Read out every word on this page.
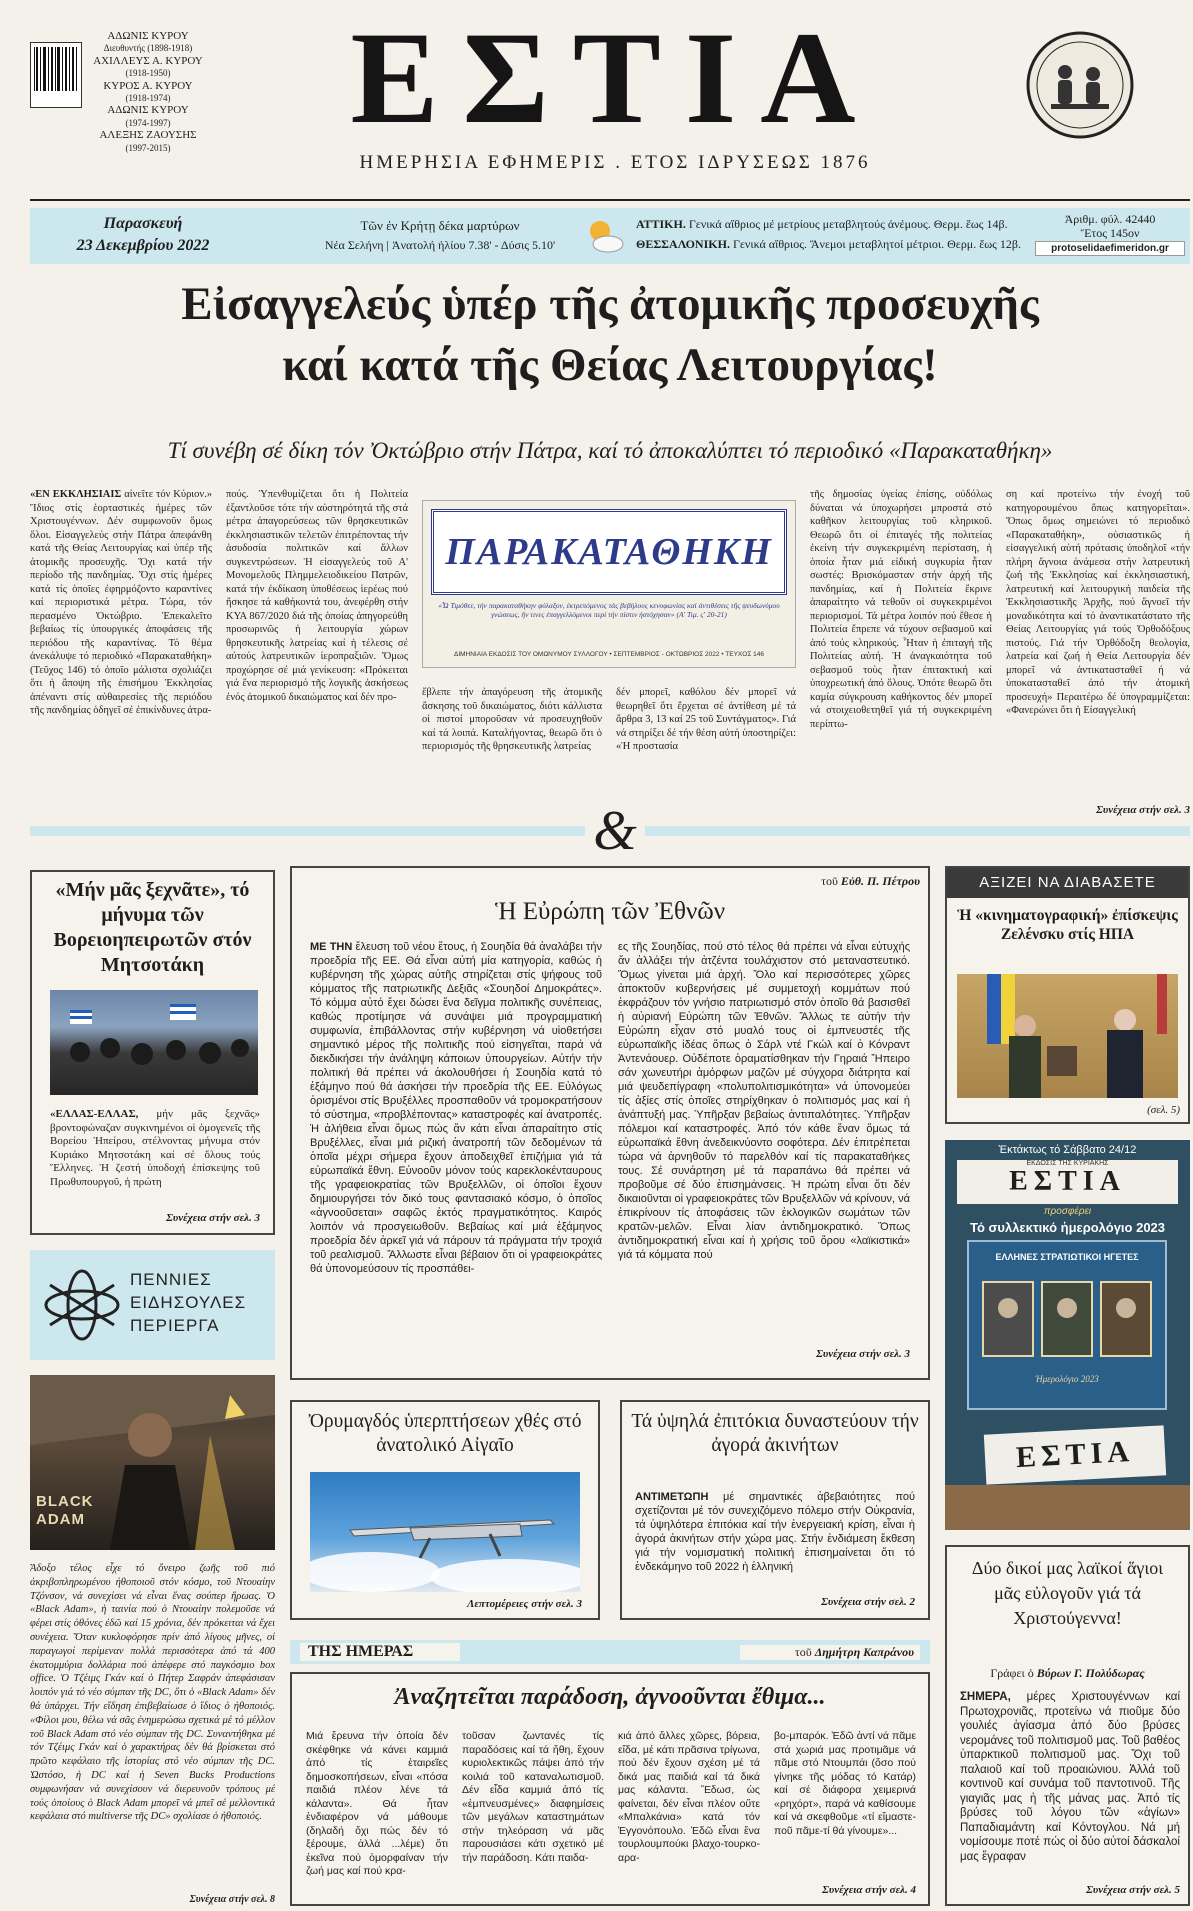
ΑΔΩΝΙΣ ΚΥΡΟΥ
Διευθυντής (1898-1918)
ΑΧΙΛΛΕΥΣ Α. ΚΥΡΟΥ
(1918-1950)
ΚΥΡΟΣ Α. ΚΥΡΟΥ
(1918-1974)
ΑΔΩΝΙΣ ΚΥΡΟΥ
(1974-1997)
ΑΛΕΞΗΣ ΖΑΟΥΣΗΣ
(1997-2015)	ΕΣΤΙΑ
ΗΜΕΡΗΣΙΑ ΕΦΗΜΕΡΙΣ . ΕΤΟΣ ΙΔΡΥΣΕΩΣ 1876
Παρασκευή
23 Δεκεμβρίου 2022
Τῶν ἐν Κρήτῃ δέκα μαρτύρων
Νέα Σελήνη | Ἀνατολή ἡλίου 7.38' - Δύσις 5.10'
ΑΤΤΙΚΗ. Γενικά αἴθριος μέ μετρίους μεταβλητούς ἀνέμους. Θερμ. ἕως 14β.
ΘΕΣΣΑΛΟΝΙΚΗ. Γενικά αἴθριος. Ἄνεμοι μεταβλητοί μέτριοι. Θερμ. ἕως 12β.
Ἀριθμ. φύλ. 42440
Ἔτος 145ον
protoselidaefimeridon.gr
Εἰσαγγελεύς ὑπέρ τῆς ἀτομικῆς προσευχῆς
καί κατά τῆς Θείας Λειτουργίας!
Τί συνέβη σέ δίκη τόν Ὀκτώβριο στήν Πάτρα, καί τό ἀποκαλύπτει τό περιοδικό «Παρακαταθήκη»
«ΕΝ ΕΚΚΛΗΣΙΑΙΣ αἰνεῖτε τόν Κύριον.» Ἴδιος στίς ἑορταστικές ἡμέρες τῶν Χριστουγέννων. Δέν συμφωνοῦν ὅμως ὅλοι. Εἰσαγγελεύς στήν Πάτρα ἀπεφάνθη κατά τῆς Θείας Λειτουργίας καί ὑπέρ τῆς ἀτομικῆς προσευχῆς. Ὄχι κατά τήν περίοδο τῆς πανδημίας. Ὄχι στίς ἡμέρες κατά τίς ὁποῖες ἐφηρμόζοντο καραντίνες καί περιοριστικά μέτρα. Τώρα, τόν περασμένο Ὀκτώβριο. Ἐπεκαλεῖτο βεβαίως τίς ὑπουργικές ἀποφάσεις τῆς περιόδου τῆς καραντίνας. Τό θέμα ἀνεκάλυψε τό περιοδικό «Παρακαταθήκη» (Τεῦχος 146) τό ὁποῖο μάλιστα σχολιάζει ὅτι ἡ ἄποψη τῆς ἐπισήμου Ἐκκλησίας ἀπέναντι στίς αὐθαιρεσίες τῆς περιόδου τῆς πανδημίας ὁδηγεῖ σέ ἐπικίνδυνες ἀτρα-
πούς. Ὑπενθυμίζεται ὅτι ἡ Πολιτεία ἐξαντλοῦσε τότε τήν αὐστηρότητά τῆς στά μέτρα ἀπαγορεύσεως τῶν θρησκευτικῶν ἐκκλησιαστικῶν τελετῶν ἐπιτρέποντας τήν ἀσυδοσία πολιτικῶν καί ἄλλων συγκεντρώσεων. Ἡ εἰσαγγελεύς τοῦ Α' Μονομελοῦς Πλημμελειοδικείου Πατρῶν, κατά τήν ἐκδίκαση ὑποθέσεως ἱερέως πού ἤσκησε τά καθήκοντά του, ἀνεφέρθη στήν ΚΥΑ 867/2020 διά τῆς ὁποίας ἀπηγορεύθη προσωρινῶς ἡ λειτουργία χώρων θρησκευτικῆς λατρείας καί ἡ τέλεσις σέ αὐτούς λατρευτικῶν ἱεροπραξιῶν. Ὅμως προχώρησε σέ μιά γενίκευση: «Πρόκειται γιά ἕνα περιορισμό τῆς λογικῆς ἀσκήσεως ἑνός ἀτομικοῦ δικαιώματος καί δέν προ-
ΠΑΡΑΚΑΤΑΘΗΚΗ
«Ὦ Τιμόθεε, τήν παρακαταθήκην φύλαξον, ἐκτρεπόμενος τάς βεβήλους κενοφωνίας καί ἀντιθέσεις τῆς ψευδωνύμου γνώσεως, ἥν τινες ἐπαγγελλόμενοι περί τήν πίστιν ἠστόχησαν» (Α' Τιμ. ς' 20-21)
ΔΙΜΗΝΙΑΙΑ ΕΚΔΟΣΙΣ ΤΟΥ ΟΜΩΝΥΜΟΥ ΣΥΛΛΟΓΟΥ • ΣΕΠΤΕΜΒΡΙΟΣ - ΟΚΤΩΒΡΙΟΣ 2022 • ΤΕΥΧΟΣ 146
ἔβλεπε τήν ἀπαγόρευση τῆς ἀτομικῆς ἄσκησης τοῦ δικαιώματος, διότι κάλλιστα οἱ πιστοί μποροῦσαν νά προσευχηθοῦν καί τά λοιπά. Καταλήγοντας, θεωρῶ ὅτι ὁ περιορισμός τῆς θρησκευτικῆς λατρείας
δέν μπορεῖ, καθόλου δέν μπορεῖ νά θεωρηθεῖ ὅτι ἔρχεται σέ ἀντίθεση μέ τά ἄρθρα 3, 13 καί 25 τοῦ Συντάγματος». Γιά νά στηρίξει δέ τήν θέση αὐτή ὑποστηρίζει: «Ἡ προστασία
τῆς δημοσίας ὑγείας ἐπίσης, οὐδόλως δύναται νά ὑποχωρήσει μπροστά στό καθῆκον λειτουργίας τοῦ κληρικοῦ. Θεωρῶ ὅτι οἱ ἐπιταγές τῆς πολιτείας ἐκείνη τήν συγκεκριμένη περίσταση, ἡ ὁποία ἦταν μιά εἰδική συγκυρία ἦταν σωστές: Βρισκόμασταν στήν ἀρχή τῆς πανδημίας, καί ἡ Πολιτεία ἔκρινε ἀπαραίτητο νά τεθοῦν οἱ συγκεκριμένοι περιορισμοί. Τά μέτρα λοιπόν πού ἔθεσε ἡ Πολιτεία ἔπρεπε νά τύχουν σεβασμοῦ καί ἀπό τούς κληρικούς. Ἦταν ἡ ἐπιταγή τῆς Πολιτείας αὐτή. Ἡ ἀναγκαιότητα τοῦ σεβασμοῦ τοὺς ἦταν ἐπιτακτική καί ὑποχρεωτική ἀπό ὅλους. Ὁπότε θεωρῶ ὅτι καμία σύγκρουση καθήκοντος δέν μπορεῖ νά στοιχειοθετηθεῖ γιά τή συγκεκριμένη περίπτω-
ση καί προτείνω τήν ἐνοχή τοῦ κατηγορουμένου ὅπως κατηγορεῖται». Ὅπως ὅμως σημειώνει τό περιοδικό «Παρακαταθήκη», οὐσιαστικῶς ἡ εἰσαγγελική αὐτή πρότασις ὑποδηλοῖ «τήν πλήρη ἄγνοια ἀνάμεσα στήν λατρευτική ζωή τῆς Ἐκκλησίας καί ἐκκλησιαστική, λατρευτική καί λειτουργική παιδεία τῆς Ἐκκλησιαστικῆς Ἀρχῆς, πού ἄγνοεῖ τήν μοναδικότητα καί τό ἀναντικατάστατο τῆς Θείας Λειτουργίας γιά τούς Ὀρθοδόξους πιστούς. Γιά τήν Ὀρθόδοξη θεολογία, λατρεία καί ζωή ἡ Θεία Λειτουργία δέν μπορεῖ νά ἀντικατασταθεῖ ή νά ὑποκατασταθεῖ ἀπό τήν ἀτομική προσευχή» Περαιτέρω δέ ὑπογραμμίζεται: «Φανερώνει ὅτι ἡ Εἰσαγγελική
Συνέχεια στήν σελ. 3
&
«Μήν μᾶς ξεχνᾶτε», τό μήνυμα τῶν Βορειοηπειρωτῶν στόν Μητσοτάκη
«ΕΛΛΑΣ-ΕΛΛΑΣ, μήν μᾶς ξεχνᾶς» βροντοφώναζαν συγκινημένοι οἱ ὁμογενεῖς τῆς Βορείου Ἠπείρου, στέλνοντας μήνυμα στόν Κυριάκο Μητσοτάκη καί σέ ὅλους τούς Ἕλληνες. Ἡ ζεστή ὑποδοχή ἐπίσκεψης τοῦ Πρωθυπουργοῦ, ἡ πρώτη
Συνέχεια στήν σελ. 3
ΠΕΝΝΙΕΣ
ΕΙΔΗΣΟΥΛΕΣ
ΠΕΡΙΕΡΓΑ
BLACK ADAM
Ἄδοξο τέλος εἶχε τό ὄνειρο ζωῆς τοῦ πιό ἀκριβοπληρωμένου ἠθοποιοῦ στόν κόσμο, τοῦ Ντουαίην Τζόνσον, νά συνεχίσει νά εἶναι ἕνας σούπερ ἥρωας. Ὁ «Black Adam», ἡ ταινία πού ὁ Ντουαίην πολεμοῦσε νά φέρει στίς ὀθόνες ἐδῶ καί 15 χρόνια, δέν πρόκειται νά ἔχει συνέχεια. Ὅταν κυκλοφόρησε πρίν ἀπό λίγους μῆνες, οἱ παραγωγοί περίμεναν πολλά περισσότερα ἀπό τά 400 ἑκατομμύρια δολλάρια πού ἀπέφερε στό παγκόσμιο box office. Ὁ Τζέιμς Γκάν καί ὁ Πήτερ Σαφράν ἀπεφάσισαν λοιπόν γιά τό νέο σύμπαν τῆς DC, ὅτι ὁ «Black Adam» δέν θά ὑπάρχει. Τήν εἴδηση ἐπιβεβαίωσε ὁ ἴδιος ὁ ἠθοποιός. «Φίλοι μου, θέλω νά σᾶς ἐνημερώσω σχετικά μέ τό μέλλον τοῦ Black Adam στό νέο σύμπαν τῆς DC. Συναντήθηκα μέ τόν Τζέιμς Γκάν καί ὁ χαρακτήρας δέν θά βρίσκεται στό πρῶτο κεφάλαιο τῆς ἱστορίας στό νέο σύμπαν τῆς DC. Ὡστόσο, ἡ DC καί ἡ Seven Bucks Productions συμφωνήσαν νά συνεχίσουν νά διερευνοῦν τρόπους μέ τούς ὁποίους ὁ Black Adam μπορεῖ νά μπεῖ σέ μελλοντικά κεφάλαια στό multiverse τῆς DC» σχολίασε ὁ ἠθοποιός.
Συνέχεια στήν σελ. 8
τοῦ Εὐθ. Π. Πέτρου
Ἡ Εὐρώπη τῶν Ἐθνῶν
ΜΕ ΤΗΝ ἔλευση τοῦ νέου ἔτους, ἡ Σουηδία θά ἀναλάβει τήν προεδρία τῆς ΕΕ. Θά εἶναι αὐτή μία κατηγορία, καθώς ἡ κυβέρνηση τῆς χώρας αὐτῆς στηρίζεται στίς ψήφους τοῦ κόμματος τῆς πατριωτικῆς Δεξιᾶς «Σουηδοί Δημοκράτες». Τό κόμμα αὐτό ἔχει δώσει ἕνα δεῖγμα πολιτικῆς συνέπειας, καθώς προτίμησε νά συνάψει μιά προγραμματική συμφωνία, ἐπιβάλλοντας στήν κυβέρνηση νά υἱοθετήσει σημαντικό μέρος τῆς πολιτικῆς πού εἰσηγεῖται, παρά νά διεκδικήσει τήν ἀνάληψη κάποιων ὑπουργείων. Αὐτήν τήν πολιτική θά πρέπει νά ἀκολουθήσει ἡ Σουηδία κατά τό ἑξάμηνο πού θά ἀσκήσει τήν προεδρία τῆς ΕΕ. Εὐλόγως ὁρισμένοι στίς Βρυξέλλες προσπαθοῦν νά τρομοκρατήσουν τό σύστημα, «προβλέποντας» καταστροφές καί ἀνατροπές. Ἡ ἀλήθεια εἶναι ὅμως πώς ἄν κάτι εἶναι ἀπαραίτητο στίς Βρυξέλλες, εἶναι μιά ριζική ἀνατροπή τῶν δεδομένων τά ὁποῖα μέχρι σήμερα ἔχουν ἀποδειχθεῖ ἐπιζήμια γιά τά εὐρωπαϊκά ἔθνη. Εὐνοοῦν μόνον τούς καρεκλοκένταυρους τῆς γραφειοκρατίας τῶν Βρυξελλῶν, οἱ ὁποῖοι ἔχουν δημιουργήσει τόν δικό τους φαντασιακό κόσμο, ὁ ὁποῖος «ἀγνοοῦσεται» σαφῶς ἐκτός πραγματικότητος. Καιρός λοιπόν νά προσγειωθοῦν. Βεβαίως καί μιά ἑξάμηνος προεδρία δέν ἀρκεῖ γιά νά πάρουν τά πράγματα τήν τροχιά τοῦ ρεαλισμοῦ. Ἄλλωστε εἶναι βέβαιον ὅτι οἱ γραφειοκράτες θά ὑπονομεύσουν τίς προσπάθει-
ες τῆς Σουηδίας, πού στό τέλος θά πρέπει νά εἶναι εὐτυχής ἄν ἀλλάξει τήν ἀτζέντα τουλάχιστον στό μεταναστευτικό. Ὅμως γίνεται μιά ἀρχή. Ὅλο καί περισσότερες χῶρες ἀποκτοῦν κυβερνήσεις μέ συμμετοχή κομμάτων πού ἐκφράζουν τόν γνήσιο πατριωτισμό στόν ὁποῖο θά βασισθεῖ ἡ αὐριανή Εὐρώπη τῶν Ἐθνῶν. Ἄλλως τε αὐτήν τήν Εὐρώπη εἶχαν στό μυαλό τους οἱ ἐμπνευστές τῆς εὐρωπαϊκῆς ἰδέας ὅπως ὁ Σάρλ ντέ Γκώλ καί ὁ Κόνραντ Ἀντενάουερ. Οὐδέποτε ὁραματίσθηκαν τήν Γηραιά Ἤπειρο σάν χωνευτήρι ἀμόρφων μαζῶν μέ σύγχορα διάτρητα καί μιά ψευδεπίγραφη «πολυπολιτισμικότητα» νά ὑπονομεύει τίς ἀξίες στίς ὁποῖες στηρίχθηκαν ὁ πολιτισμός μας καί ἡ ἀνάπτυξή μας. Ὑπῆρξαν βεβαίως ἀντιπαλότητες. Ὑπῆρξαν πόλεμοι καί καταστροφές. Ἀπό τόν κάθε ἔναν ὅμως τά εὐρωπαϊκά ἔθνη ἀνεδεικνύοντο σοφότερα. Δέν ἐπιτρέπεται τώρα νά ἀρνηθοῦν τό παρελθόν καί τίς παρακαταθήκες τους. Σέ συνάρτηση μέ τά παραπάνω θά πρέπει νά προβοῦμε σέ δύο ἐπισημάνσεις. Ἡ πρώτη εἶναι ὅτι δέν δικαιοῦνται οἱ γραφειοκράτες τῶν Βρυξελλῶν νά κρίνουν, νά ἐπικρίνουν τίς ἀποφάσεις τῶν ἐκλογικῶν σωμάτων τῶν κρατῶν-μελῶν. Εἶναι λίαν ἀντιδημοκρατικό. Ὅπως ἀντιδημοκρατική εἶναι καί ἡ χρήσις τοῦ ὅρου «λαϊκιστικά» γιά τά κόμματα πού
Συνέχεια στήν σελ. 3
Ὀρυμαγδός ὑπερπτήσεων χθές στό ἀνατολικό Αἰγαῖο
Λεπτομέρειες στήν σελ. 3
Τά ὑψηλά ἐπιτόκια δυναστεύουν τήν ἀγορά ἀκινήτων
ΑΝΤΙΜΕΤΩΠΗ μέ σημαντικές ἀβεβαιότητες πού σχετίζονται μέ τόν συνεχιζόμενο πόλεμο στήν Οὐκρανία, τά ὑψηλότερα ἐπιτόκια καί τήν ἐνεργειακή κρίση, εἶναι ἡ ἀγορά ἀκινήτων στήν χώρα μας. Στήν ἐνδιάμεση ἔκθεση γιά τήν νομισματική πολιτική ἐπισημαίνεται ὅτι τό ἑνδεκάμηνο τοῦ 2022 ἡ ἑλληνική
Συνέχεια στήν σελ. 2
ΤΗΣ ΗΜΕΡΑΣ	τοῦ Δημήτρη Καπράνου
Ἀναζητεῖται παράδοση, ἀγνοοῦνται ἔθιμα...
Μιά ἔρευνα τήν ὁποία δέν σκέφθηκε νά κάνει καμμιά ἀπό τίς ἑταιρεῖες δημοσκοπήσεων, εἶναι «πόσα παιδιά πλέον λένε τά κάλαντα». Θά ἦταν ἐνδιαφέρον νά μάθουμε (δηλαδή ὄχι πώς δέν τό ξέρουμε, ἀλλά ...λέμε) ὅτι ἐκεῖνα πού ὁμορφαίναν τήν ζωή μας καί πού κρα-
τοῦσαν ζωντανές τίς παραδόσεις καί τά ἤθη, ἔχουν κυριολεκτικῶς πάψει ἀπό τήν κοιλιά τοῦ καταναλωτισμοῦ. Δέν εἶδα καμμιά ἀπό τίς «ἐμπνευσμένες» διαφημίσεις τῶν μεγάλων καταστημάτων στήν τηλεόραση νά μᾶς παρουσιάσει κάτι σχετικό μέ τήν παράδοση. Κάτι παιδα-
κιά ἀπό ἄλλες χῶρες, βόρεια, εἴδα, μέ κάτι πρᾶσινα τρίγωνα, πού δέν ἔχουν σχέση μέ τά δικά μας παιδιά καί τά δικά μας κάλαντα. Ἔδωσ, ὡς φαίνεται, δέν εἶναι πλέον οὔτε «Μπαλκάνια» κατά τόν Ἐγγονόπουλο. Ἐδῶ εἶναι ἕνα τουρλουμπούκι βλαχο-τουρκο-αρα-
βο-μπαρόκ. Ἐδῶ ἀντί νά πᾶμε στά χωριά μας προτιμᾶμε νά πᾶμε στό Ντουμπάι (ὅσο πού γίνηκε τῆς μόδας τό Κατάρ) καί σέ διάφορα χειμερινά «ρηχόρτ», παρά νά καθίσουμε καί νά σκεφθοῦμε «τί εἴμαστε-ποῦ πᾶμε-τί θά γίνουμε»...
Συνέχεια στήν σελ. 4
ΑΞΙΖΕΙ ΝΑ ΔΙΑΒΑΣΕΤΕ
Ἡ «κινηματογραφική» ἐπίσκεψις Ζελένσκυ στίς ΗΠΑ
(σελ. 5)
Ἐκτάκτως τό Σάββατο 24/12
ΕΚΔΟΣΙΣ ΤΗΣ ΚΥΡΙΑΚΗΣ
ΕΣΤΙΑ
προσφέρει
Τό συλλεκτικό ἡμερολόγιο 2023
ΕΛΛΗΝΕΣ ΣΤΡΑΤΙΩΤΙΚΟΙ ΗΓΕΤΕΣ
Ἡμερολόγιο 2023
ΕΣΤΙΑ
Δύο δικοί μας λαϊκοί ἅγιοι μᾶς εὐλογοῦν γιά τά Χριστούγεννα!
Γράφει ὁ Βύρων Γ. Πολύδωρας
ΣΗΜΕΡΑ, μέρες Χριστουγέννων καί Πρωτοχρονιᾶς, προτείνω νά πιοῦμε δύο γουλιές ἁγίασμα ἀπό δύο βρύσες νερομάνες τοῦ πολιτισμοῦ μας. Τοῦ βαθέος ὑπαρκτικοῦ πολιτισμοῦ μας. Ὄχι τοῦ παλαιοῦ καί τοῦ προαιώνιου. Ἀλλά τοῦ κοντινοῦ καί συνάμα τοῦ παντοτινοῦ. Τῆς γιαγιᾶς μας ἡ τῆς μάνας μας. Ἀπό τίς βρύσες τοῦ λόγου τῶν «ἁγίων» Παπαδιαμάντη καί Κόντογλου. Νά μή νομίσουμε ποτέ πώς οἱ δύο αὐτοί δάσκαλοί μας ἔγραφαν
Συνέχεια στήν σελ. 5
